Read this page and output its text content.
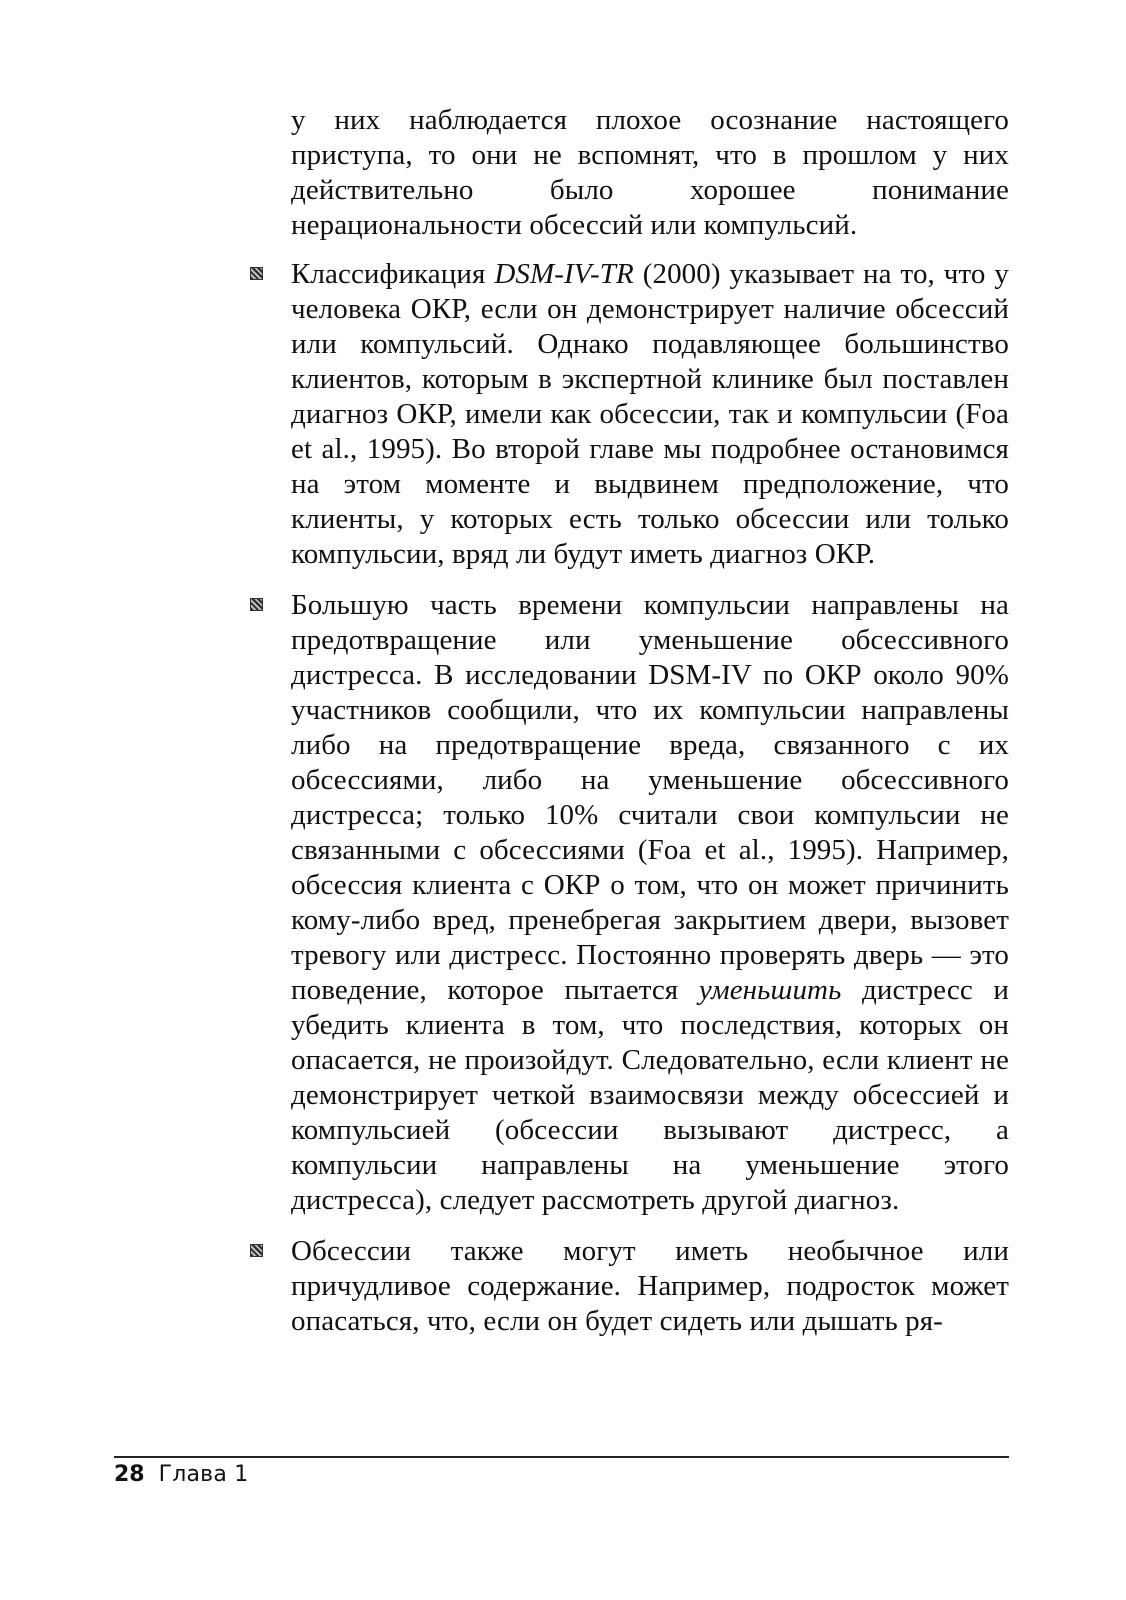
у них наблюдается плохое осознание настоящего приступа, то они не вспомнят, что в прошлом у них действительно было хорошее понимание нерациональности обсессий или компульсий.

Классификация DSM-IV-TR (2000) указывает на то, что у человека ОКР, если он демонстрирует наличие обсессий или компульсий. Однако подавляющее большинство клиентов, которым в экспертной клинике был поставлен диагноз ОКР, имели как обсессии, так и компульсии (Foa et al., 1995). Во второй главе мы подробнее остановимся на этом моменте и выдвинем предположение, что клиенты, у которых есть только обсессии или только компульсии, вряд ли будут иметь диагноз ОКР.

Большую часть времени компульсии направлены на предотвращение или уменьшение обсессивного дистресса. В исследовании DSM-IV по ОКР около 90% участников сообщили, что их компульсии направлены либо на предотвращение вреда, связанного с их обсессиями, либо на уменьшение обсессивного дистресса; только 10% считали свои компульсии не связанными с обсессиями (Foa et al., 1995). Например, обсессия клиента с ОКР о том, что он может причинить кому-либо вред, пренебрегая закрытием двери, вызовет тревогу или дистресс. Постоянно проверять дверь — это поведение, которое пытается уменьшить дистресс и убедить клиента в том, что последствия, которых он опасается, не произойдут. Следовательно, если клиент не демонстрирует четкой взаимосвязи между обсессией и компульсией (обсессии вызывают дистресс, а компульсии направлены на уменьшение этого дистресса), следует рассмотреть другой диагноз.

Обсессии также могут иметь необычное или причудливое содержание. Например, подросток может опасаться, что, если он будет сидеть или дышать ря-

28 Глава 1
